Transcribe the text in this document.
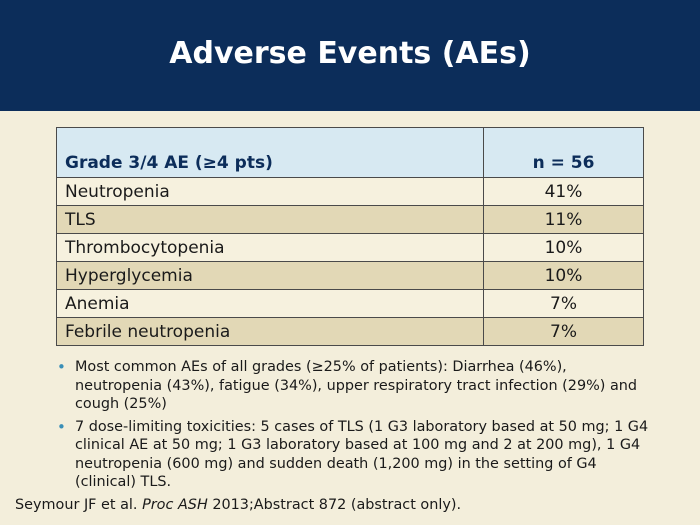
Adverse Events (AEs)
Grade 3/4 AE (≥4 pts)	n = 56
Neutropenia	41%
TLS	11%
Thrombocytopenia	10%
Hyperglycemia	10%
Anemia	7%
Febrile neutropenia	7%
• Most common AEs of all grades (≥25% of patients): Diarrhea (46%), neutropenia (43%), fatigue (34%), upper respiratory tract infection (29%) and cough (25%)
• 7 dose-limiting toxicities: 5 cases of TLS (1 G3 laboratory based at 50 mg; 1 G4 clinical AE at 50 mg; 1 G3 laboratory based at 100 mg and 2 at 200 mg), 1 G4 neutropenia (600 mg) and sudden death (1,200 mg) in the setting of G4 (clinical) TLS.
Seymour JF et al. Proc ASH 2013;Abstract 872 (abstract only).
